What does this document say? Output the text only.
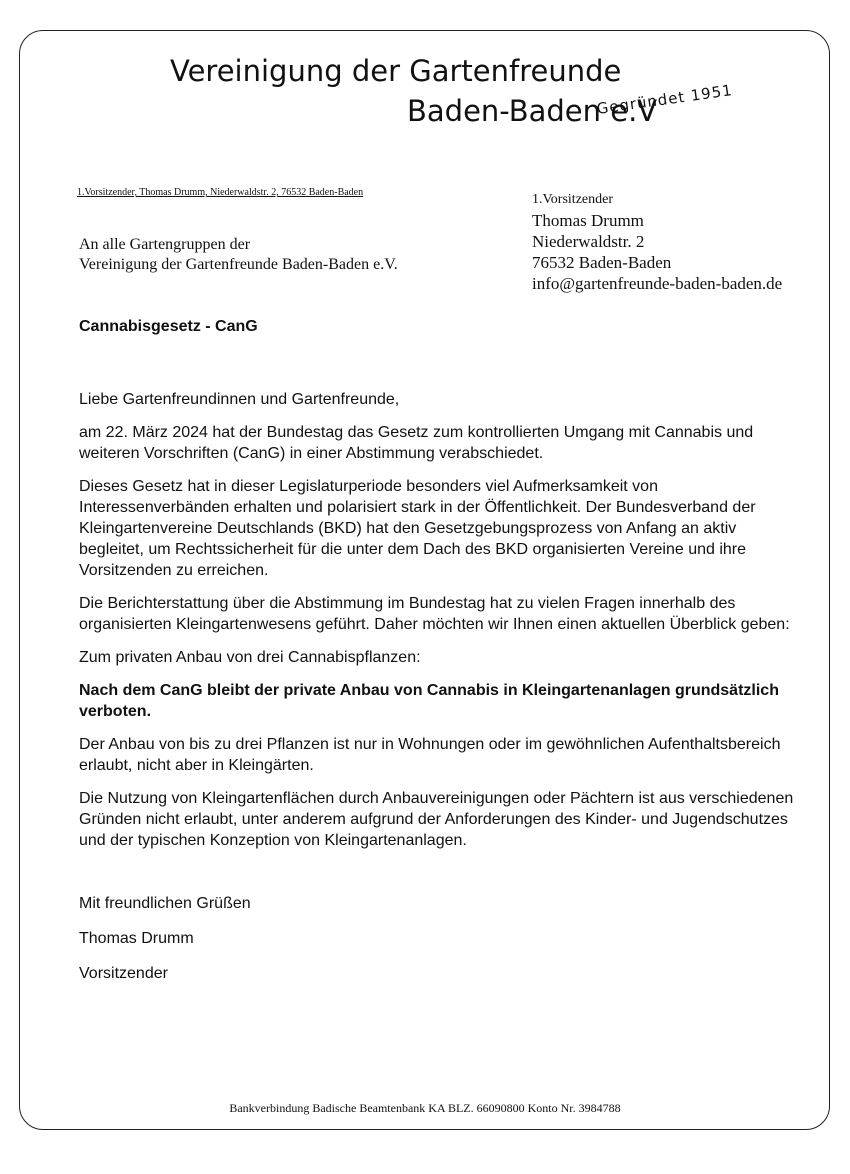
Vereinigung der Gartenfreunde
Baden-Baden e.V
Gegründet 1951
1.Vorsitzender, Thomas Drumm, Niederwaldstr. 2, 76532 Baden-Baden
An alle Gartengruppen der
Vereinigung der Gartenfreunde Baden-Baden e.V.
1.Vorsitzender
Thomas Drumm
Niederwaldstr. 2
76532 Baden-Baden
info@gartenfreunde-baden-baden.de

Cannabisgesetz - CanG

Liebe Gartenfreundinnen und Gartenfreunde,

am 22. März 2024 hat der Bundestag das Gesetz zum kontrollierten Umgang mit Cannabis und weiteren Vorschriften (CanG) in einer Abstimmung verabschiedet.

Dieses Gesetz hat in dieser Legislaturperiode besonders viel Aufmerksamkeit von Interessenverbänden erhalten und polarisiert stark in der Öffentlichkeit. Der Bundesverband der Kleingartenvereine Deutschlands (BKD) hat den Gesetzgebungsprozess von Anfang an aktiv begleitet, um Rechtssicherheit für die unter dem Dach des BKD organisierten Vereine und ihre Vorsitzenden zu erreichen.

Die Berichterstattung über die Abstimmung im Bundestag hat zu vielen Fragen innerhalb des organisierten Kleingartenwesens geführt. Daher möchten wir Ihnen einen aktuellen Überblick geben:

Zum privaten Anbau von drei Cannabispflanzen:

Nach dem CanG bleibt der private Anbau von Cannabis in Kleingartenanlagen grundsätzlich verboten.

Der Anbau von bis zu drei Pflanzen ist nur in Wohnungen oder im gewöhnlichen Aufenthaltsbereich erlaubt, nicht aber in Kleingärten.

Die Nutzung von Kleingartenflächen durch Anbauvereinigungen oder Pächtern ist aus verschiedenen Gründen nicht erlaubt, unter anderem aufgrund der Anforderungen des Kinder- und Jugendschutzes und der typischen Konzeption von Kleingartenanlagen.

Mit freundlichen Grüßen

Thomas Drumm

Vorsitzender

Bankverbindung Badische Beamtenbank KA BLZ. 66090800 Konto Nr. 3984788
